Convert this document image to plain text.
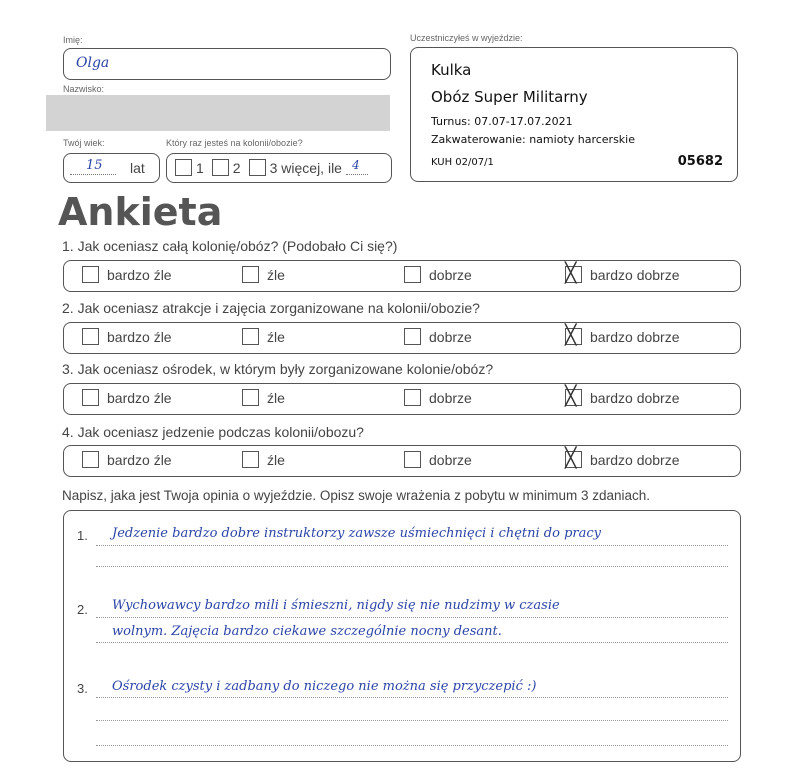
Imię:
Olga
Nazwisko:
Twój wiek:
15 lat
Który raz jesteś na kolonii/obozie?
1 2 3 więcej, ile 4
Uczestniczyłeś w wyjeździe:
Kulka
Obóz Super Militarny
Turnus: 07.07-17.07.2021
Zakwaterowanie: namioty harcerskie
KUH 02/07/1	05682
Ankieta
1. Jak oceniasz całą kolonię/obóz? (Podobało Ci się?)
bardzo źle	źle	dobrze	╳ bardzo dobrze
2. Jak oceniasz atrakcje i zajęcia zorganizowane na kolonii/obozie?
bardzo źle	źle	dobrze	╳ bardzo dobrze
3. Jak oceniasz ośrodek, w którym były zorganizowane kolonie/obóz?
bardzo źle	źle	dobrze	╳ bardzo dobrze
4. Jak oceniasz jedzenie podczas kolonii/obozu?
bardzo źle	źle	dobrze	╳ bardzo dobrze
Napisz, jaka jest Twoja opinia o wyjeździe. Opisz swoje wrażenia z pobytu w minimum 3 zdaniach.
1. Jedzenie bardzo dobre instruktorzy zawsze uśmiechnięci i chętni do pracy
2. Wychowawcy bardzo mili i śmieszni, nigdy się nie nudzimy w czasie
wolnym. Zajęcia bardzo ciekawe szczególnie nocny desant.
3. Ośrodek czysty i zadbany do niczego nie można się przyczepić :)
